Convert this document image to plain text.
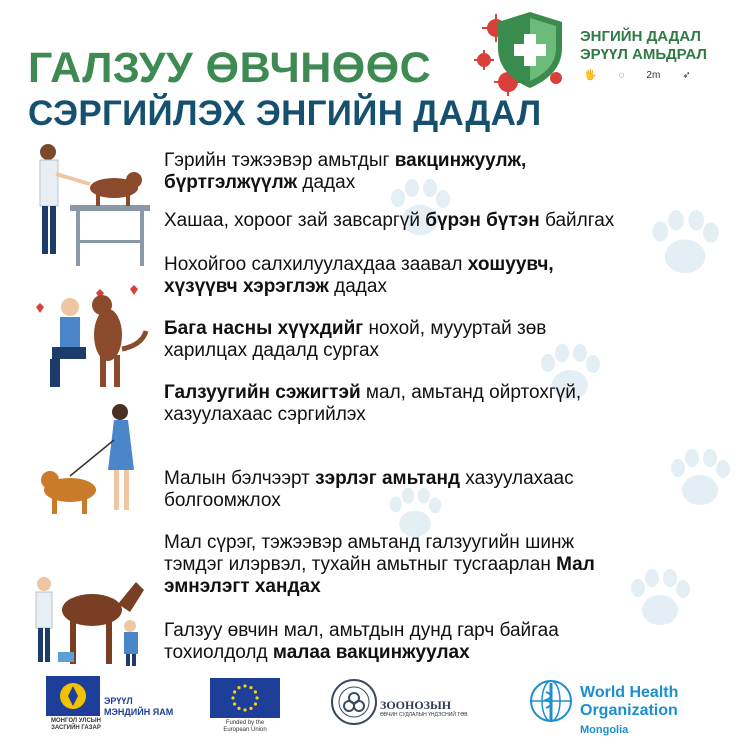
ГАЛЗУУ ӨВЧНӨӨС
СЭРГИЙЛЭХ ЭНГИЙН ДАДАЛ
ЭНГИЙН ДАДАЛ
ЭРҮҮЛ АМЬДРАЛ
🖐 ◌ 2m ➶
Гэрийн тэжээвэр амьтдыг вакцинжуулж,
бүртгэлжүүлж дадах
Хашаа, хороог зай завсаргүй бүрэн бүтэн байлгах
Нохойгоо салхилуулахдаа заавал хошуувч,
хүзүүвч хэрэглэж дадах
Бага насны хүүхдийг нохой, муууртай зөв
харилцах дадалд сургах
Галзуугийн сэжигтэй мал, амьтанд ойртохгүй,
хазуулахаас сэргийлэх
Малын бэлчээрт зэрлэг амьтанд хазуулахаас
болгоомжлох
Мал сүрэг, тэжээвэр амьтанд галзуугийн шинж
тэмдэг илэрвэл, тухайн амьтныг тусгаарлан Мал
эмнэлэгт хандах
Галзуу өвчин мал, амьтдын дунд гарч байгаа
тохиолдолд малаа вакцинжуулах
МОНГОЛ УЛСЫН
ЗАСГИЙН ГАЗАР
ЭРҮҮЛ
МЭНДИЙН ЯАМ
Funded by the
European Union
ЗООНОЗЫН
ӨВЧИН СУДЛАЛЫН ҮНДЭСНИЙ ТӨВ
World Health
Organization
Mongolia
